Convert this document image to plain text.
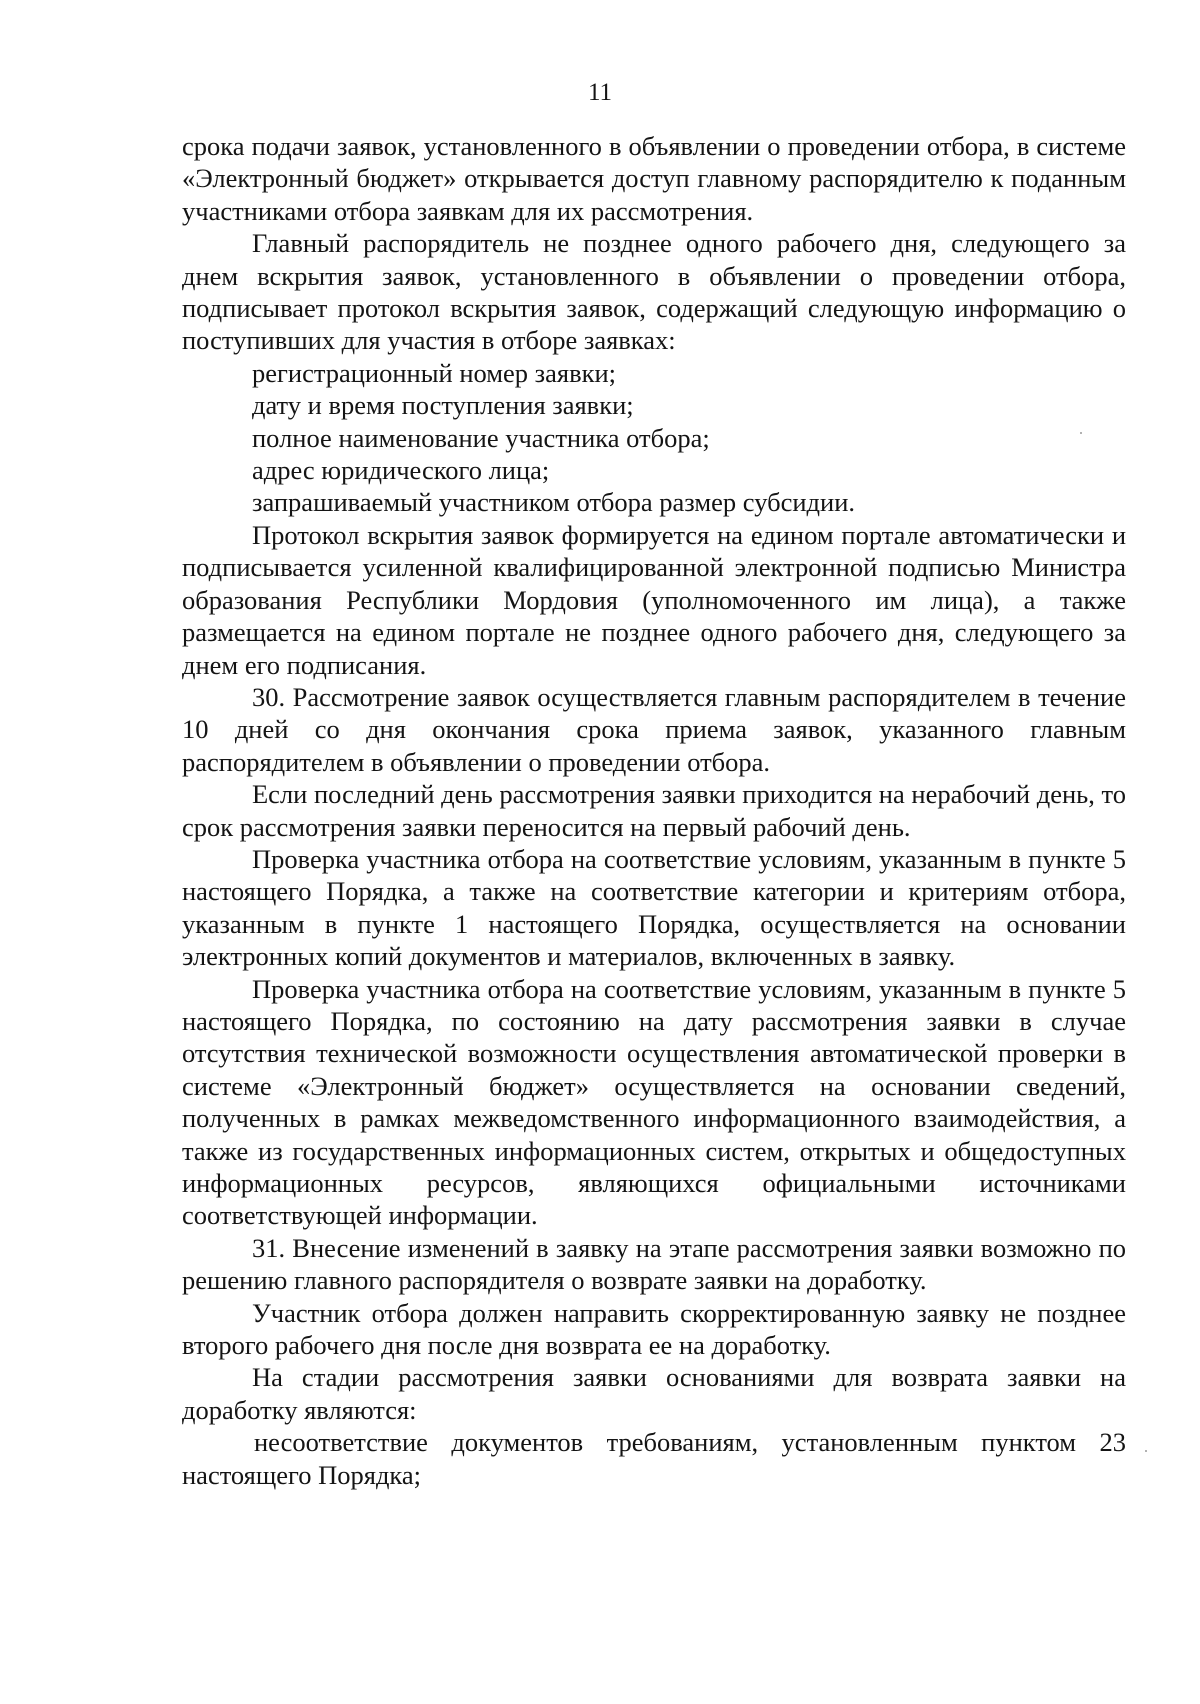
11

срока подачи заявок, установленного в объявлении о проведении отбора, в системе «Электронный бюджет» открывается доступ главному распорядителю к поданным участниками отбора заявкам для их рассмотрения.

Главный распорядитель не позднее одного рабочего дня, следующего за днем вскрытия заявок, установленного в объявлении о проведении отбора, подписывает протокол вскрытия заявок, содержащий следующую информацию о поступивших для участия в отборе заявках:

регистрационный номер заявки;

дату и время поступления заявки;

полное наименование участника отбора;

адрес юридического лица;

запрашиваемый участником отбора размер субсидии.

Протокол вскрытия заявок формируется на едином портале автоматически и подписывается усиленной квалифицированной электронной подписью Министра образования Республики Мордовия (уполномоченного им лица), а также размещается на едином портале не позднее одного рабочего дня, следующего за днем его подписания.

30. Рассмотрение заявок осуществляется главным распорядителем в течение 10 дней со дня окончания срока приема заявок, указанного главным распорядителем в объявлении о проведении отбора.

Если последний день рассмотрения заявки приходится на нерабочий день, то срок рассмотрения заявки переносится на первый рабочий день.

Проверка участника отбора на соответствие условиям, указанным в пункте 5 настоящего Порядка, а также на соответствие категории и критериям отбора, указанным в пункте 1 настоящего Порядка, осуществляется на основании электронных копий документов и материалов, включенных в заявку.

Проверка участника отбора на соответствие условиям, указанным в пункте 5 настоящего Порядка, по состоянию на дату рассмотрения заявки в случае отсутствия технической возможности осуществления автоматической проверки в системе «Электронный бюджет» осуществляется на основании сведений, полученных в рамках межведомственного информационного взаимодействия, а также из государственных информационных систем, открытых и общедоступных информационных ресурсов, являющихся официальными источниками соответствующей информации.

31. Внесение изменений в заявку на этапе рассмотрения заявки возможно по решению главного распорядителя о возврате заявки на доработку.

Участник отбора должен направить скорректированную заявку не позднее второго рабочего дня после дня возврата ее на доработку.

На стадии рассмотрения заявки основаниями для возврата заявки на доработку являются:

несоответствие документов требованиям, установленным пунктом 23 настоящего Порядка;
